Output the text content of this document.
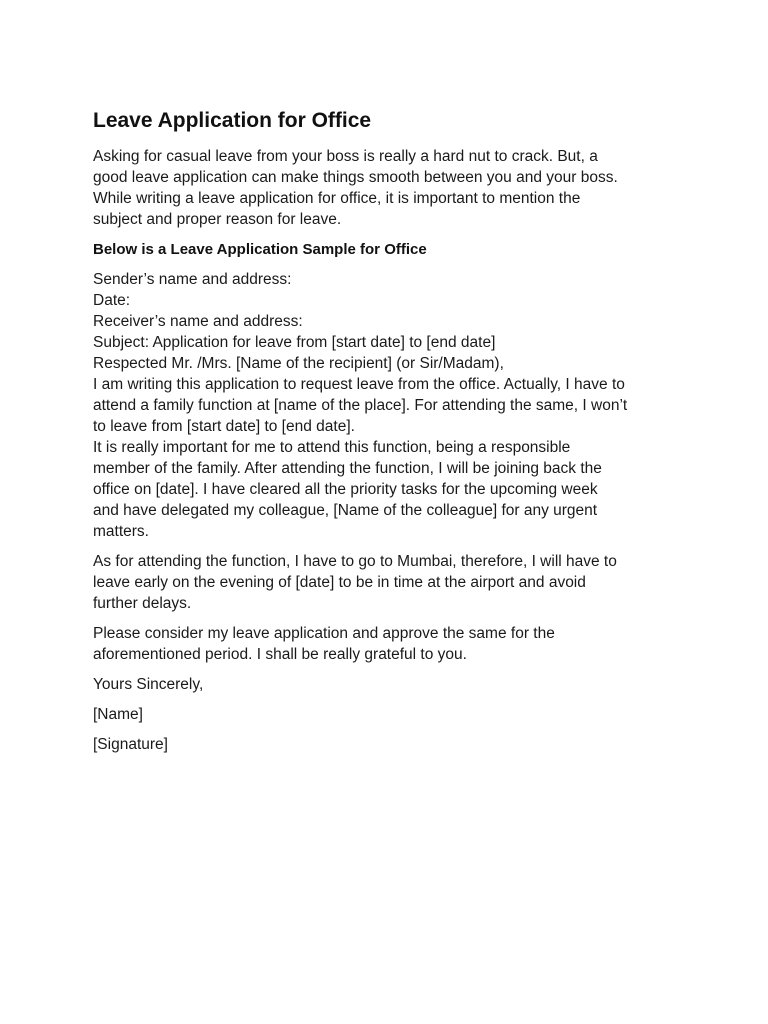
Leave Application for Office

Asking for casual leave from your boss is really a hard nut to crack. But, a
good leave application can make things smooth between you and your boss.
While writing a leave application for office, it is important to mention the
subject and proper reason for leave.

Below is a Leave Application Sample for Office

Sender’s name and address:
Date:
Receiver’s name and address:
Subject: Application for leave from [start date] to [end date]
Respected Mr. /Mrs. [Name of the recipient] (or Sir/Madam),
I am writing this application to request leave from the office. Actually, I have to
attend a family function at [name of the place]. For attending the same, I won’t
to leave from [start date] to [end date].
It is really important for me to attend this function, being a responsible
member of the family. After attending the function, I will be joining back the
office on [date]. I have cleared all the priority tasks for the upcoming week
and have delegated my colleague, [Name of the colleague] for any urgent
matters.

As for attending the function, I have to go to Mumbai, therefore, I will have to
leave early on the evening of [date] to be in time at the airport and avoid
further delays.

Please consider my leave application and approve the same for the
aforementioned period. I shall be really grateful to you.

Yours Sincerely,

[Name]

[Signature]
